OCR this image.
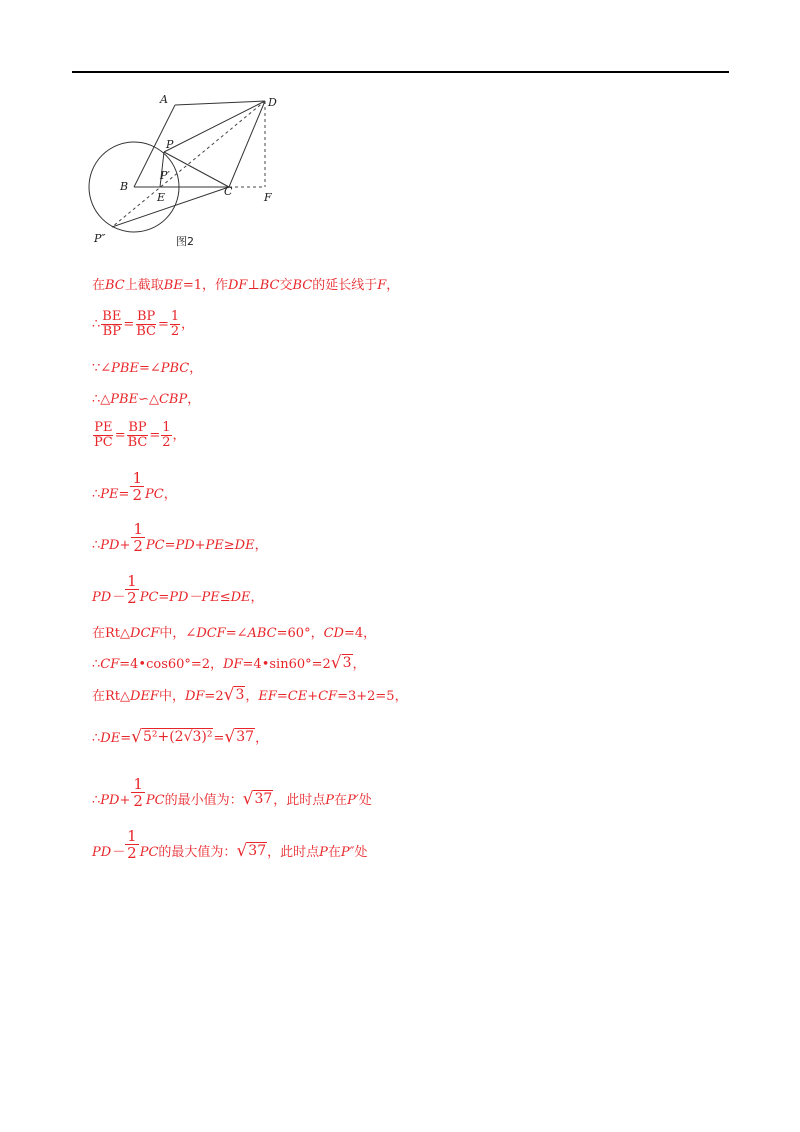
A	D
P
P′
B
E	C	F
P″	图2
在BC上截取BE=1，作DF⊥BC交BC的延长线于F，
∴ $\frac{BE}{BP} = \frac{BP}{BC} = \frac{1}{2}$ ，
∵∠PBE=∠PBC，
∴△PBE∽△CBP，
$\frac{PE}{PC} = \frac{BP}{BC} = \frac{1}{2}$ ，
∴PE= $\frac{1}{2}$ PC，
∴PD+ $\frac{1}{2} PC=PD+PE\ge DE$，
$PD- \frac{1}{2} PC=PD-PE\le DE$，
在Rt△DCF中，∠DCF=∠ABC=60°，CD=4，
∴CF=4•cos60°=2，DF=4•sin60°=2 √ 3 ，
在Rt△DEF中，DF=2 √ 3 ，EF=CE+CF=3+2=5，
∴DE= √ 5²+(2√3)² = √ 37 ，
∴PD+ $\frac{1}{2}$ PC的最小值为： √ 37 ，此时点P在P′处
$PD- \frac{1}{2}$ PC的最大值为： √ 37 ，此时点P在P″处
